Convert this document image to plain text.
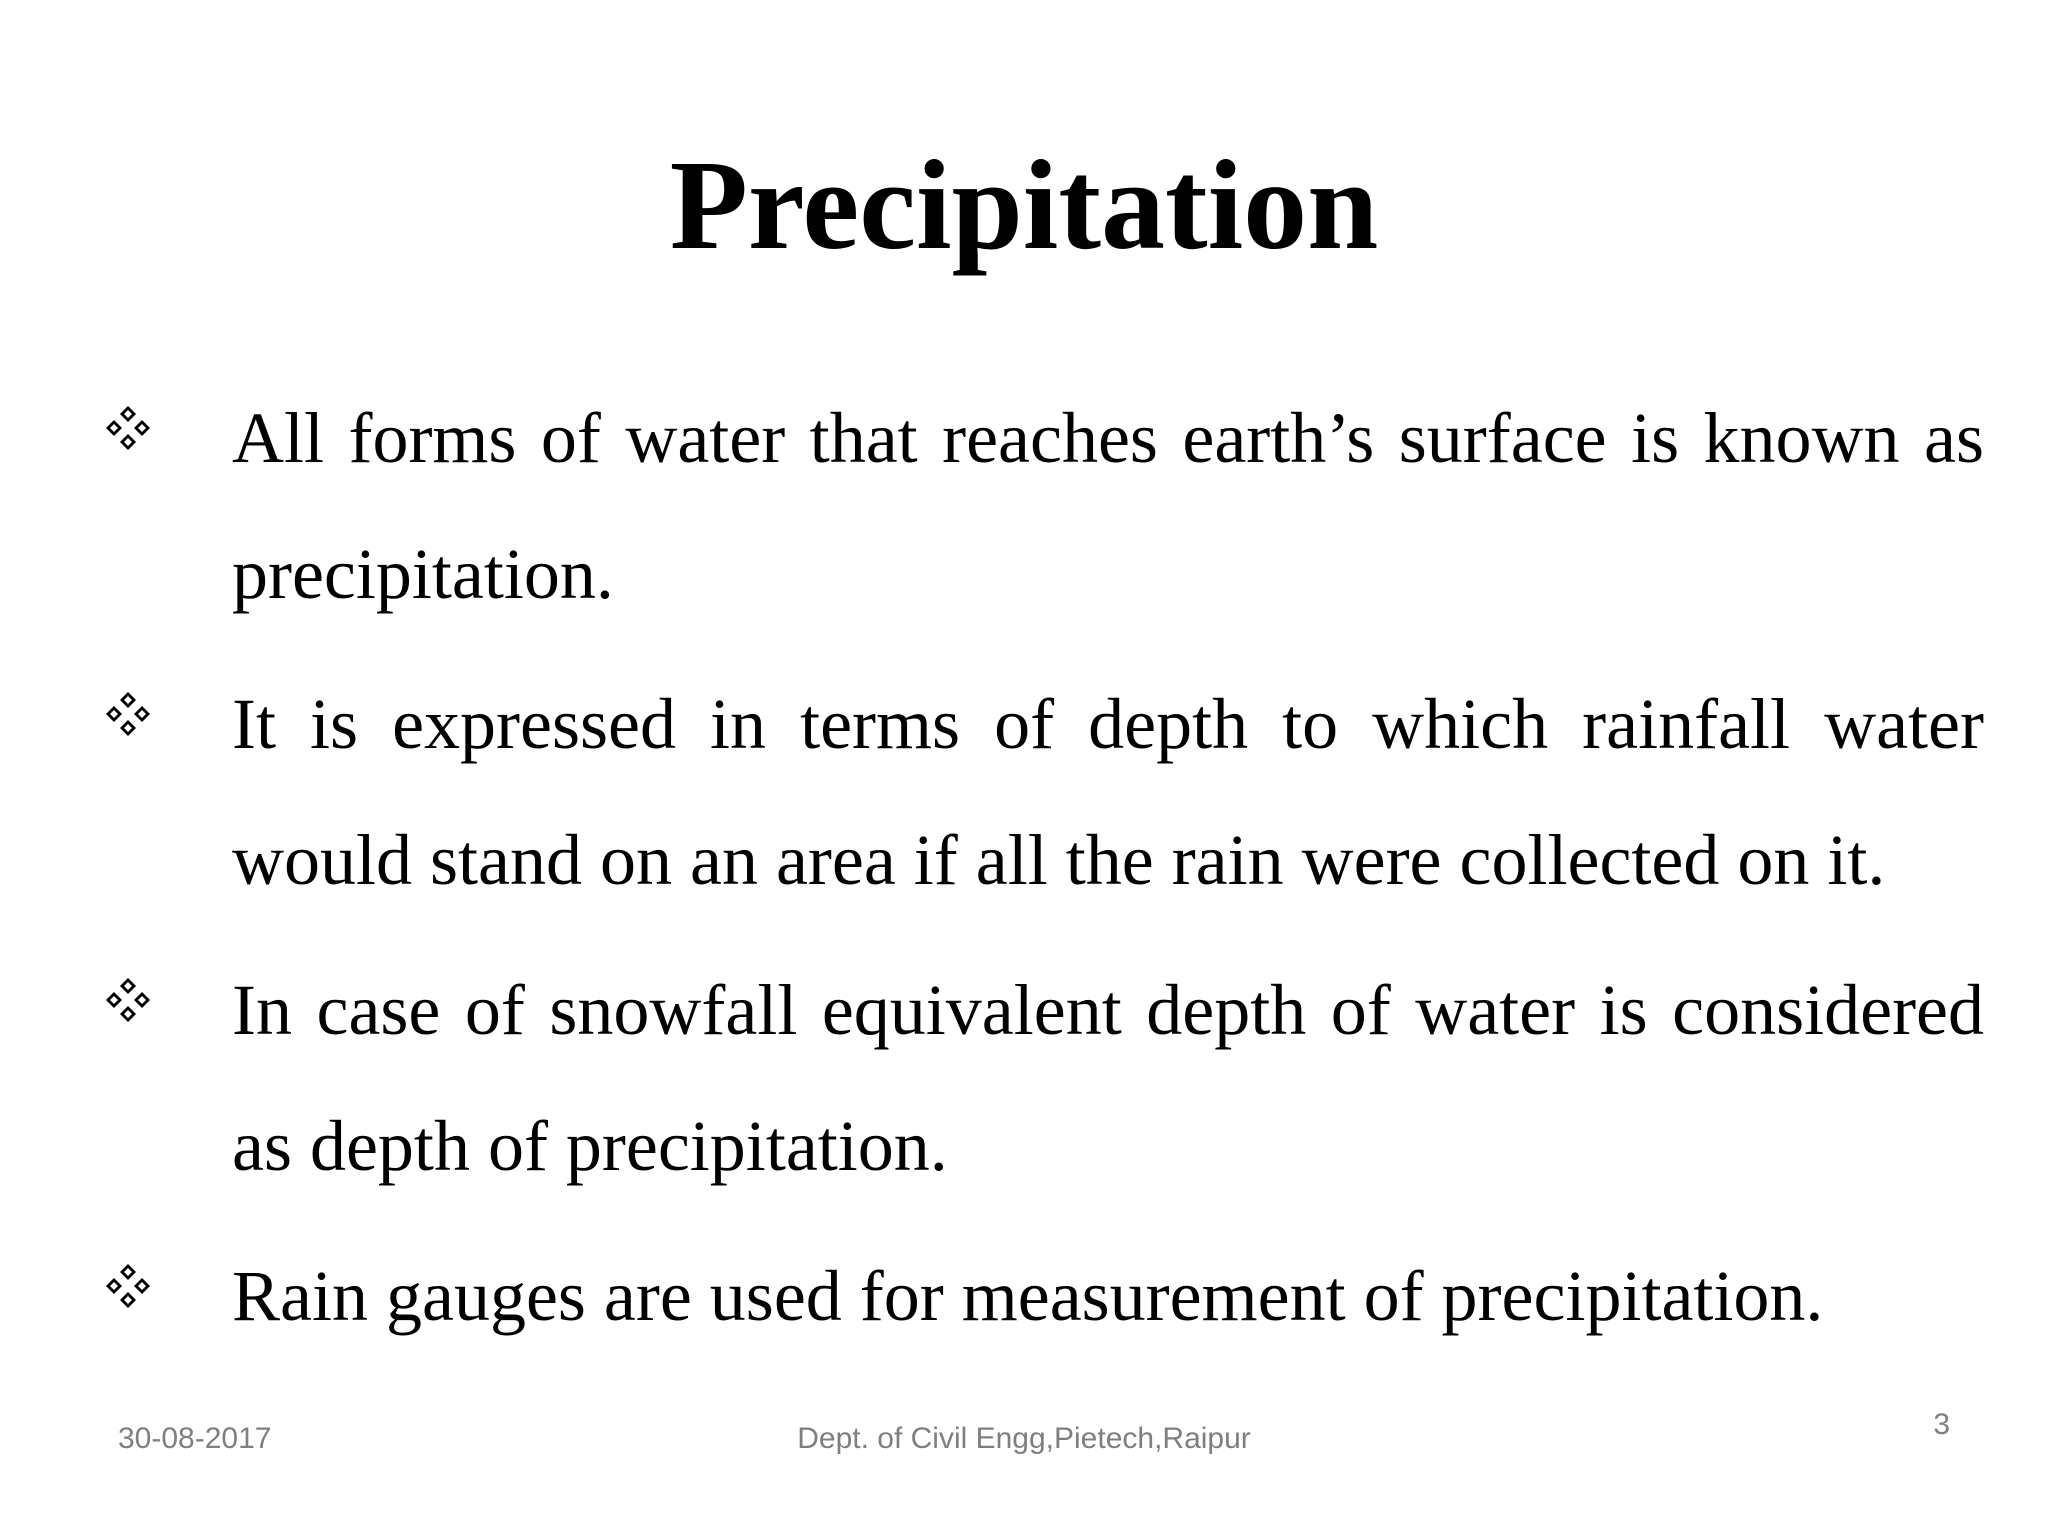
Precipitation

All forms of water that reaches earth’s surface is known as precipitation.

It is expressed in terms of depth to which rainfall water would stand on an area if all the rain were collected on it.

In case of snowfall equivalent depth of water is considered as depth of precipitation.

Rain gauges are used for measurement of precipitation.

30-08-2017	Dept. of Civil Engg,Pietech,Raipur	3
